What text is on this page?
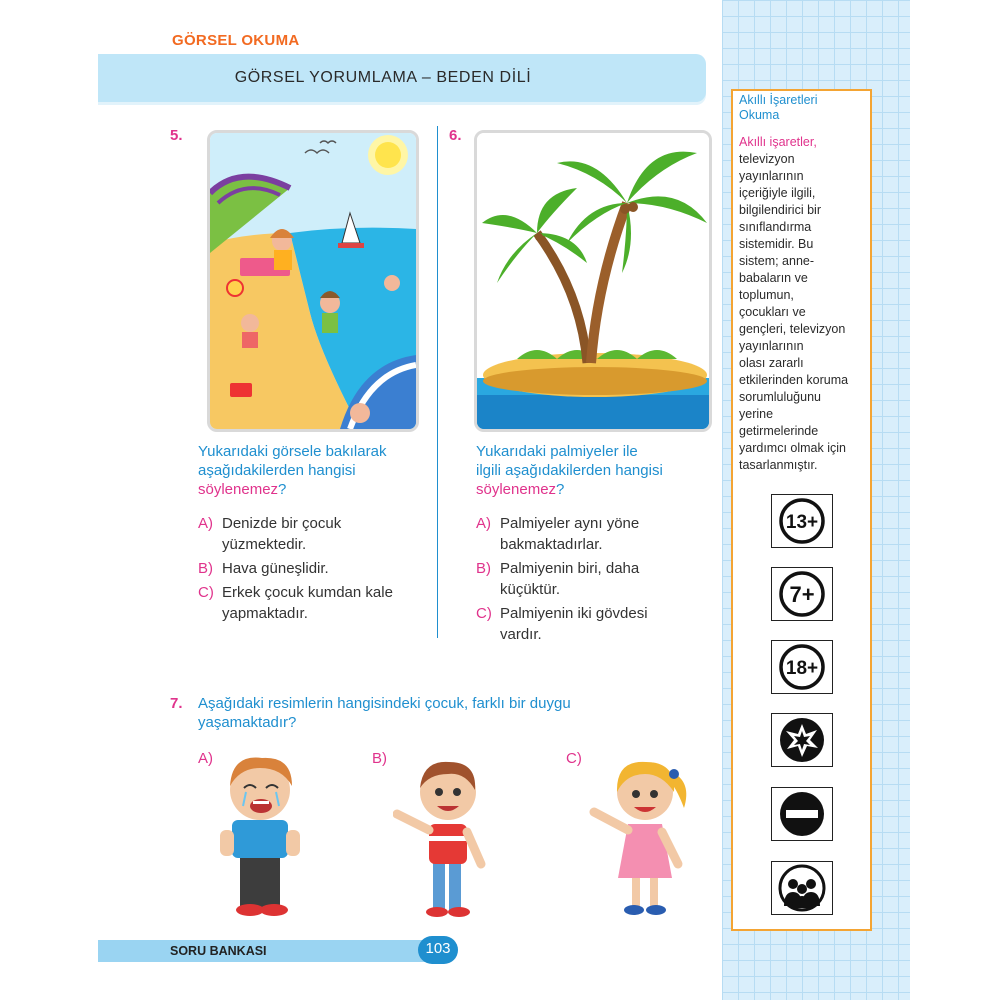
GÖRSEL OKUMA
GÖRSEL YORUMLAMA – BEDEN DİLİ
5.
Yukarıdaki görsele bakılarak
aşağıdakilerden hangisi
söylenemez?
A) Denizde bir çocuk yüzmektedir.
B) Hava güneşlidir.
C) Erkek çocuk kumdan kale yapmaktadır.
6.
Yukarıdaki palmiyeler ile
ilgili aşağıdakilerden hangisi
söylenemez?
A) Palmiyeler aynı yöne bakmaktadırlar.
B) Palmiyenin biri, daha küçüktür.
C) Palmiyenin iki gövdesi vardır.
7. Aşağıdaki resimlerin hangisindeki çocuk, farklı bir duygu
yaşamaktadır?
A)	B)	C)
Akıllı İşaretleri
Okuma
Akıllı işaretler,
televizyon
yayınlarının
içeriğiyle ilgili,
bilgilendirici bir
sınıflandırma
sistemidir. Bu
sistem; anne-
babaların ve
toplumun,
çocukları ve
gençleri, televizyon
yayınlarının
olası zararlı
etkilerinden koruma
sorumluluğunu
yerine
getirmelerinde
yardımcı olmak için
tasarlanmıştır.
13+
7+
18+
SORU BANKASI	103
